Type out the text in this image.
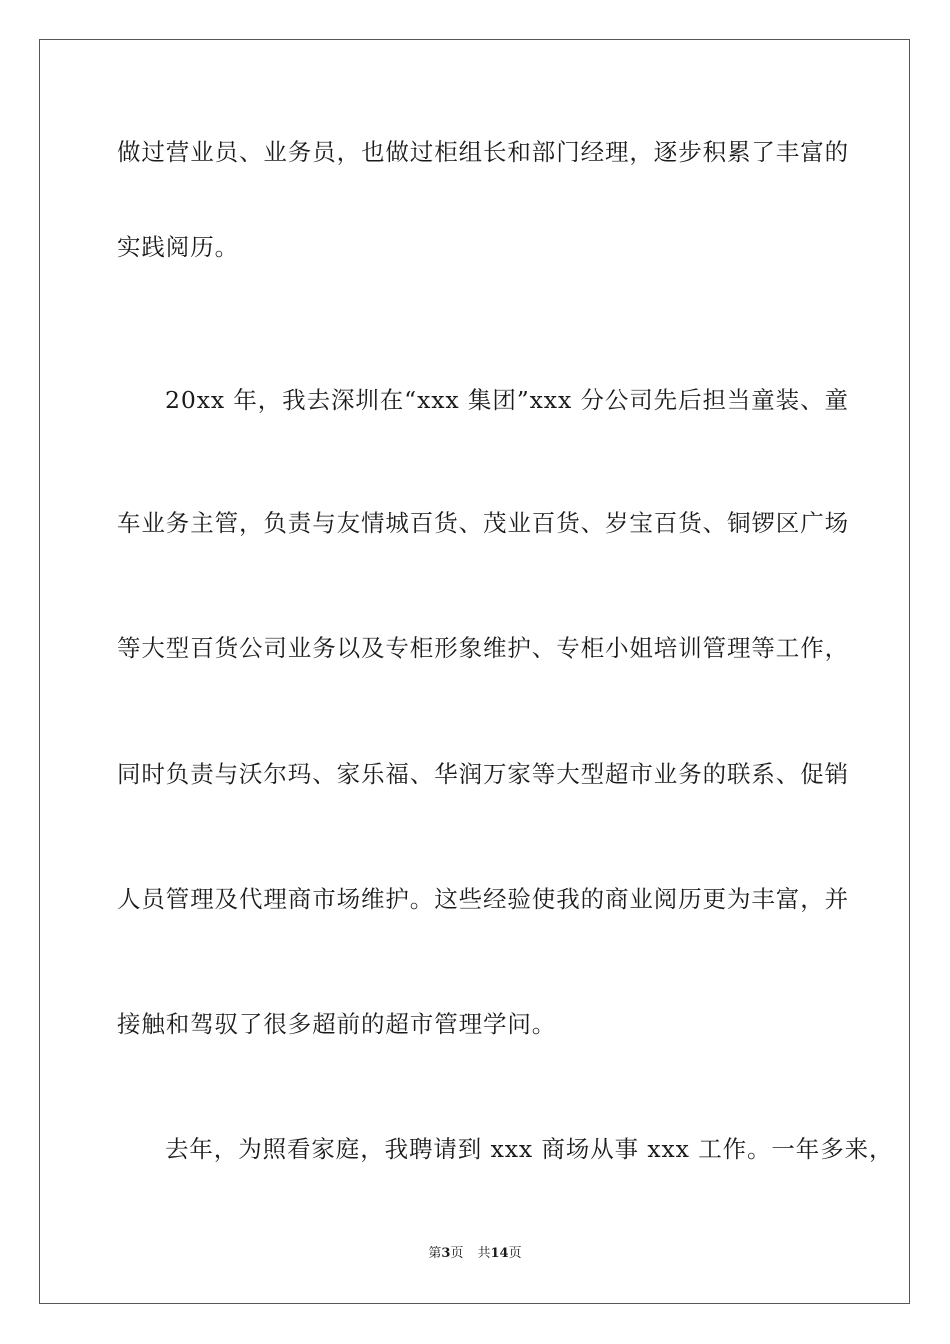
做过营业员、业务员，也做过柜组长和部门经理，逐步积累了丰富的
实践阅历。
20xx 年，我去深圳在“xxx 集团”xxx 分公司先后担当童装、童
车业务主管，负责与友情城百货、茂业百货、岁宝百货、铜锣区广场
等大型百货公司业务以及专柜形象维护、专柜小姐培训管理等工作，
同时负责与沃尔玛、家乐福、华润万家等大型超市业务的联系、促销
人员管理及代理商市场维护。这些经验使我的商业阅历更为丰富，并
接触和驾驭了很多超前的超市管理学问。
去年，为照看家庭，我聘请到 xxx 商场从事 xxx 工作。一年多来，
第3页 共14页
